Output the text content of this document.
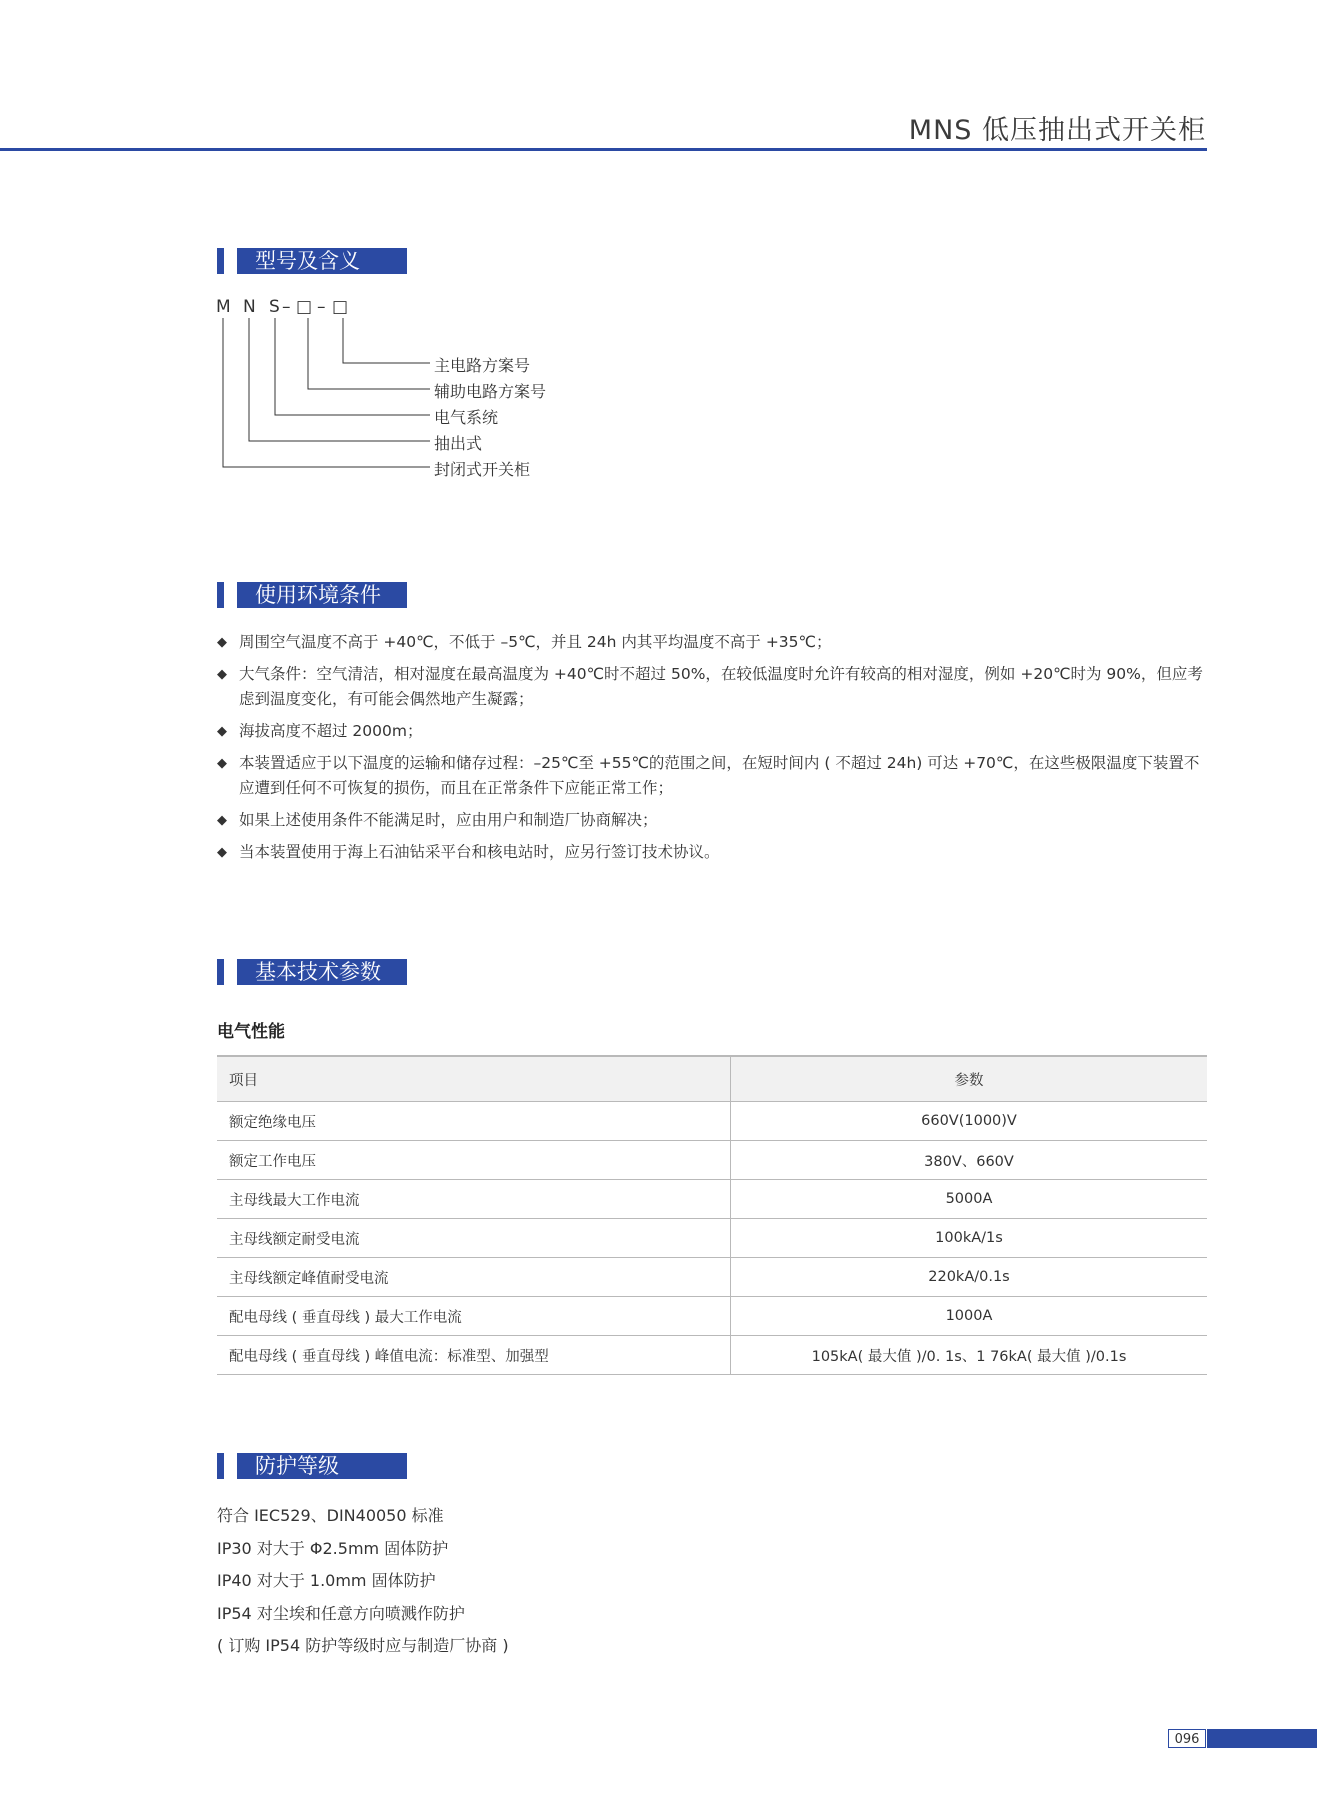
MNS 低压抽出式开关柜
型号及含义
M N S – □ – □
主电路方案号
辅助电路方案号
电气系统
抽出式
封闭式开关柜
使用环境条件
◆ 周围空气温度不高于 +40℃，不低于 –5℃，并且 24h 内其平均温度不高于 +35℃；
◆ 大气条件：空气清洁，相对湿度在最高温度为 +40℃时不超过 50%，在较低温度时允许有较高的相对湿度，例如 +20℃时为 90%，但应考虑到温度变化，有可能会偶然地产生凝露；
◆ 海拔高度不超过 2000m；
◆ 本装置适应于以下温度的运输和储存过程：–25℃至 +55℃的范围之间，在短时间内 ( 不超过 24h) 可达 +70℃，在这些极限温度下装置不应遭到任何不可恢复的损伤，而且在正常条件下应能正常工作；
◆ 如果上述使用条件不能满足时，应由用户和制造厂协商解决；
◆ 当本装置使用于海上石油钻采平台和核电站时，应另行签订技术协议。
基本技术参数
电气性能
项目	参数
额定绝缘电压	660V(1000)V
额定工作电压	380V、660V
主母线最大工作电流	5000A
主母线额定耐受电流	100kA/1s
主母线额定峰值耐受电流	220kA/0.1s
配电母线 ( 垂直母线 ) 最大工作电流	1000A
配电母线 ( 垂直母线 ) 峰值电流：标准型、加强型	105kA( 最大值 )/0. 1s、1 76kA( 最大值 )/0.1s
防护等级
符合 IEC529、DIN40050 标准
IP30 对大于 Φ2.5mm 固体防护
IP40 对大于 1.0mm 固体防护
IP54 对尘埃和任意方向喷溅作防护
( 订购 IP54 防护等级时应与制造厂协商 )
096
